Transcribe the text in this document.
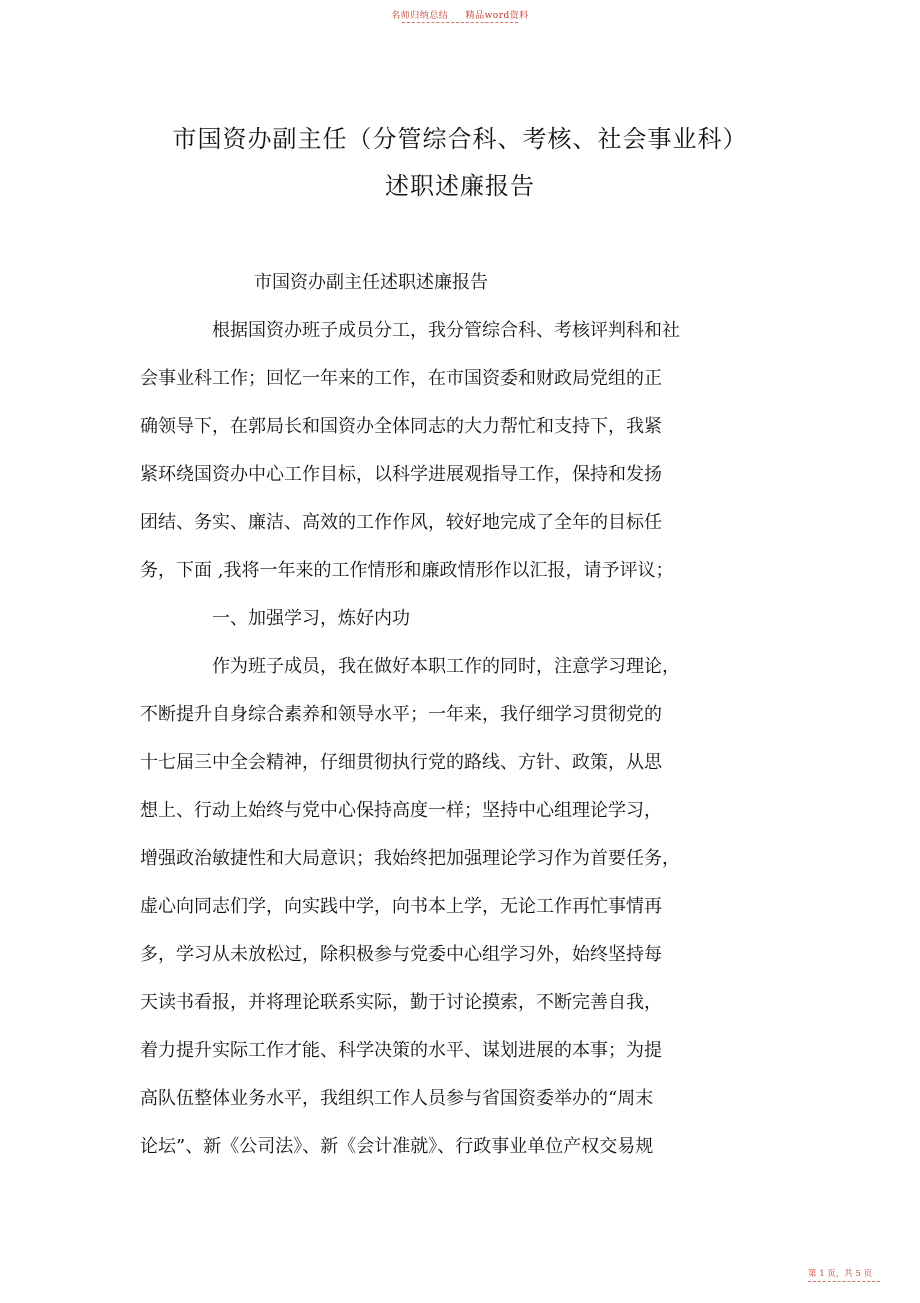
名师归纳总结 精品word资料
市国资办副主任（分管综合科、考核、社会事业科）
述职述廉报告
市国资办副主任述职述廉报告
根据国资办班子成员分工，我分管综合科、考核评判科和社
会事业科工作；回忆一年来的工作，在市国资委和财政局党组的正
确领导下，在郭局长和国资办全体同志的大力帮忙和支持下，我紧
紧环绕国资办中心工作目标，以科学进展观指导工作，保持和发扬
团结、务实、廉洁、高效的工作作风，较好地完成了全年的目标任
务，下面 ,我将一年来的工作情形和廉政情形作以汇报，请予评议；
一、加强学习，炼好内功
作为班子成员，我在做好本职工作的同时，注意学习理论，
不断提升自身综合素养和领导水平；一年来，我仔细学习贯彻党的
十七届三中全会精神，仔细贯彻执行党的路线、方针、政策，从思
想上、行动上始终与党中心保持高度一样；坚持中心组理论学习，
增强政治敏捷性和大局意识；我始终把加强理论学习作为首要任务，
虚心向同志们学，向实践中学，向书本上学，无论工作再忙事情再
多，学习从未放松过，除积极参与党委中心组学习外，始终坚持每
天读书看报，并将理论联系实际，勤于讨论摸索，不断完善自我，
着力提升实际工作才能、科学决策的水平、谋划进展的本事；为提
高队伍整体业务水平，我组织工作人员参与省国资委举办的“周末
论坛”、新《公司法》、新《会计准就》、行政事业单位产权交易规
第 1 页，共 5 页
